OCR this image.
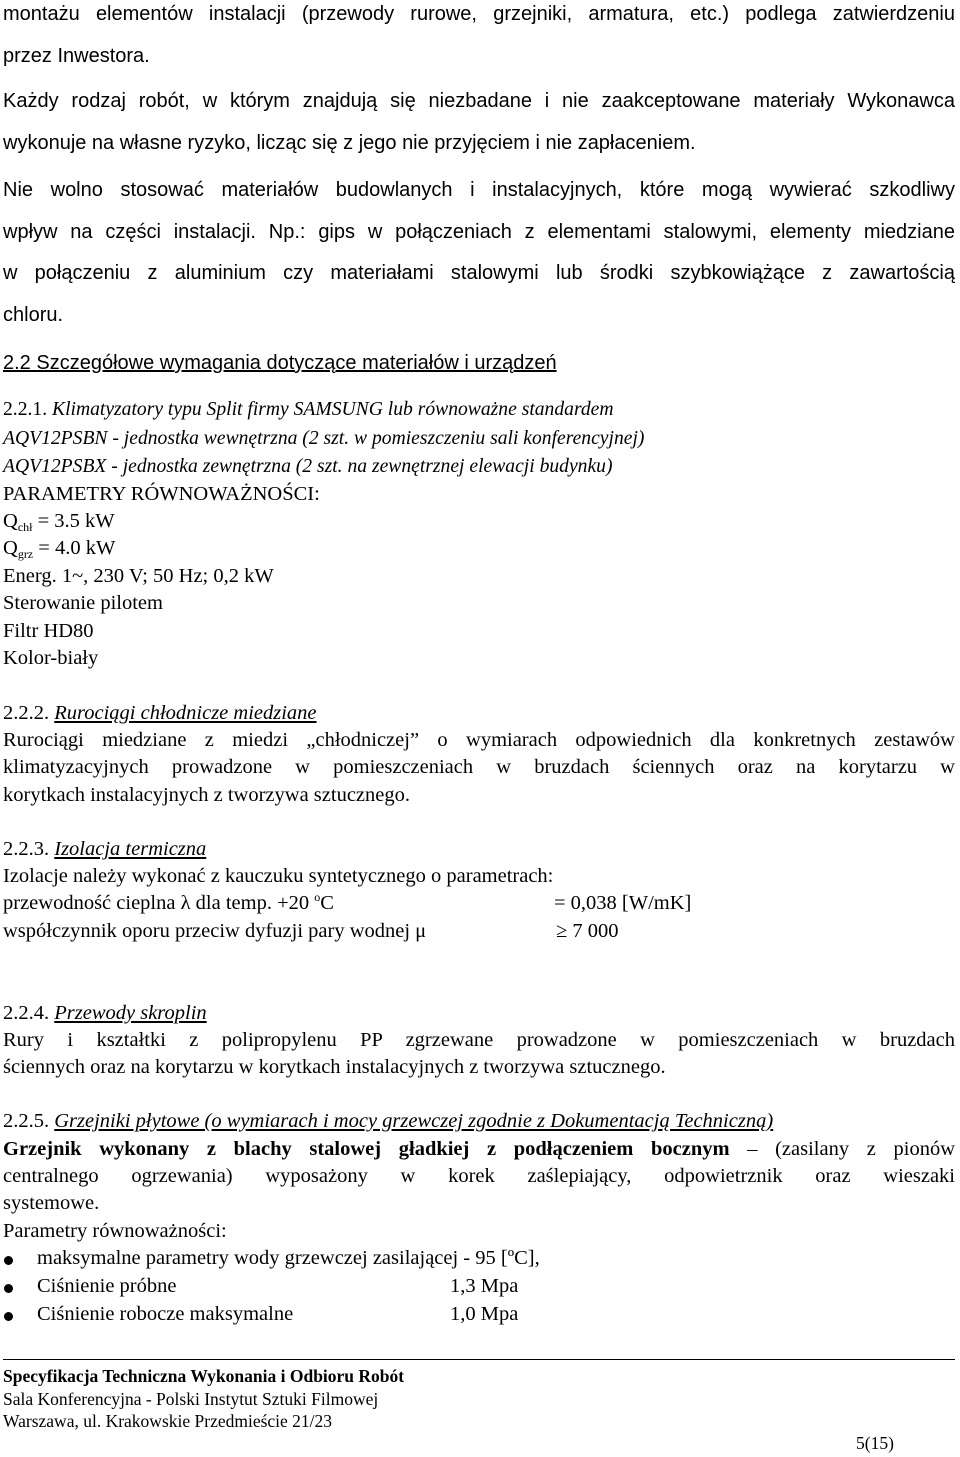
montażu elementów instalacji (przewody rurowe, grzejniki, armatura, etc.) podlega zatwierdzeniu
przez Inwestora.
Każdy rodzaj robót, w którym znajdują się niezbadane i nie zaakceptowane materiały Wykonawca
wykonuje na własne ryzyko, licząc się z jego nie przyjęciem i nie zapłaceniem.
Nie wolno stosować materiałów budowlanych i instalacyjnych, które mogą wywierać szkodliwy
wpływ na części instalacji. Np.: gips w połączeniach z elementami stalowymi, elementy miedziane
w połączeniu z aluminium czy materiałami stalowymi lub środki szybkowiążące z zawartością
chloru.
2.2 Szczegółowe wymagania dotyczące materiałów i urządzeń
2.2.1. Klimatyzatory typu Split firmy SAMSUNG lub równoważne standardem
AQV12PSBN - jednostka wewnętrzna (2 szt. w pomieszczeniu sali konferencyjnej)
AQV12PSBX - jednostka zewnętrzna (2 szt. na zewnętrznej elewacji budynku)
PARAMETRY RÓWNOWAŻNOŚCI:
$Q_{chł} = 3.5$ kW
$Q_{grz} = 4.0$ kW
Energ. 1~, 230 V; 50 Hz; 0,2 kW
Sterowanie pilotem
Filtr HD80
Kolor-biały
2.2.2. Rurociągi chłodnicze miedziane
Rurociągi miedziane z miedzi „chłodniczej” o wymiarach odpowiednich dla konkretnych zestawów
klimatyzacyjnych prowadzone w pomieszczeniach w bruzdach ściennych oraz na korytarzu w
korytkach instalacyjnych z tworzywa sztucznego.
2.2.3. Izolacja termiczna
Izolacje należy wykonać z kauczuku syntetycznego o parametrach:
przewodność cieplna λ dla temp. +20 $^o$C	= 0,038 [W/mK]
współczynnik oporu przeciw dyfuzji pary wodnej μ	≥ 7 000
2.2.4. Przewody skroplin
Rury i kształtki z polipropylenu PP zgrzewane prowadzone w pomieszczeniach w bruzdach
ściennych oraz na korytarzu w korytkach instalacyjnych z tworzywa sztucznego.
2.2.5. Grzejniki płytowe (o wymiarach i mocy grzewczej zgodnie z Dokumentacją Techniczną)
Grzejnik wykonany z blachy stalowej gładkiej z podłączeniem bocznym – (zasilany z pionów
centralnego ogrzewania) wyposażony w korek zaślepiający, odpowietrznik oraz wieszaki
systemowe.
Parametry równoważności:
maksymalne parametry wody grzewczej zasilającej - 95 [ºC],
Ciśnienie próbne	1,3 Mpa
Ciśnienie robocze maksymalne	1,0 Mpa
Specyfikacja Techniczna Wykonania i Odbioru Robót
Sala Konferencyjna - Polski Instytut Sztuki Filmowej
Warszawa, ul. Krakowskie Przedmieście 21/23
5(15)
